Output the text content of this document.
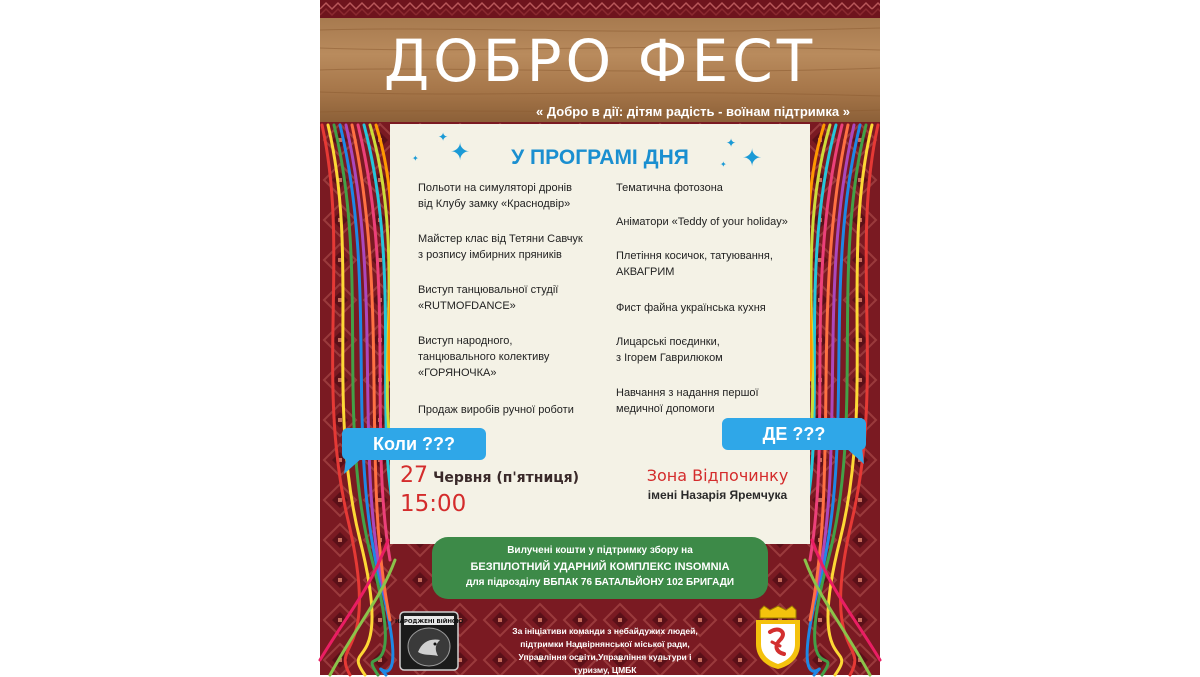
ДОБРО ФЕСТ
« Добро в дії: дітям радість - воїнам підтримка »
✦
✦
✦
✦
✦
✦
У ПРОГРАМІ ДНЯ
Польоти на симуляторі дронів
від Клубу замку «Краснодвір»
Майстер клас від Тетяни Савчук
з розпису імбирних пряників
Виступ танцювальної студії
«RUTMOFDANCE»
Виступ народного,
танцювального колективу
«ГОРЯНОЧКА»
Продаж виробів ручної роботи
Тематична фотозона
Аніматори «Teddy of your holiday»
Плетіння косичок, татуювання,
АКВАГРИМ
Фист файна українська кухня
Лицарські поєдинки,
з Ігорем Гаврилюком
Навчання з надання першої
медичної допомоги
Коли ???	ДЕ ???
27 Червня (п'ятниця)
15:00
Зона Відпочинку
імені Назарія Яремчука
Вилучені кошти у підтримку збору на
БЕЗПІЛОТНИЙ УДАРНИЙ КОМПЛЕКС INSOMNIA
для підрозділу ВБПАК 76 БАТАЛЬЙОНУ 102 БРИГАДИ
НАРОДЖЕНІ ВІЙНОЮ
За ініціативи команди з небайдужих людей,
підтримки Надвірнянської міської ради,
Управління освіти,Управління культури і туризму, ЦМБК
